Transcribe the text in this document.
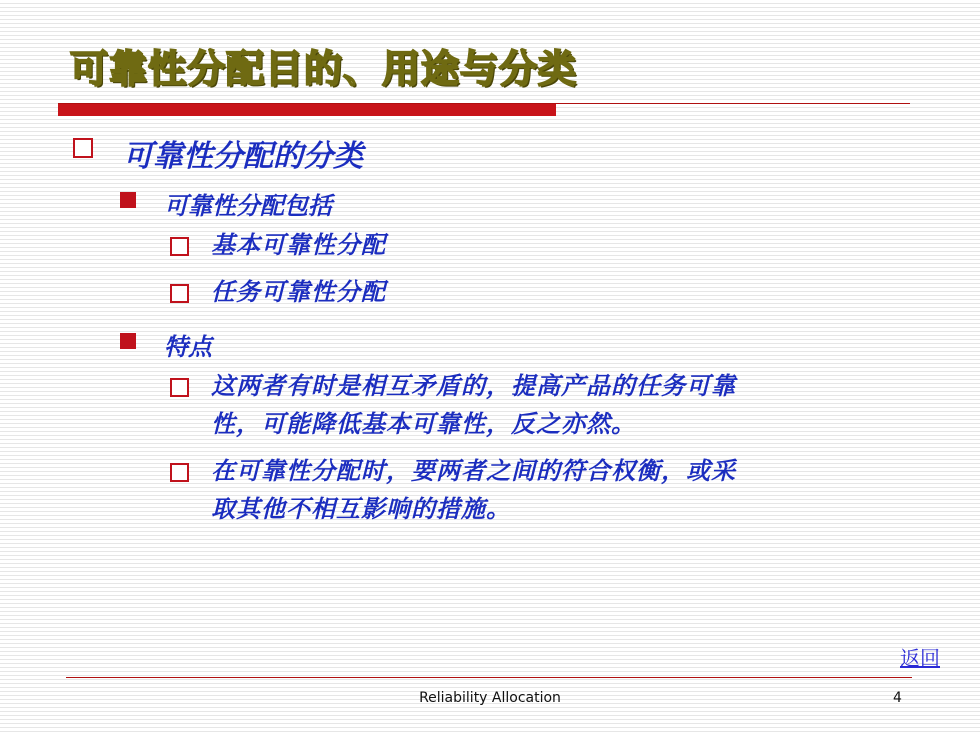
可靠性分配目的、用途与分类
可靠性分配的分类
可靠性分配包括
基本可靠性分配
任务可靠性分配
特点
这两者有时是相互矛盾的，提高产品的任务可靠
性，可能降低基本可靠性，反之亦然。
在可靠性分配时，要两者之间的符合权衡，或采
取其他不相互影响的措施。
返回
Reliability Allocation	4
